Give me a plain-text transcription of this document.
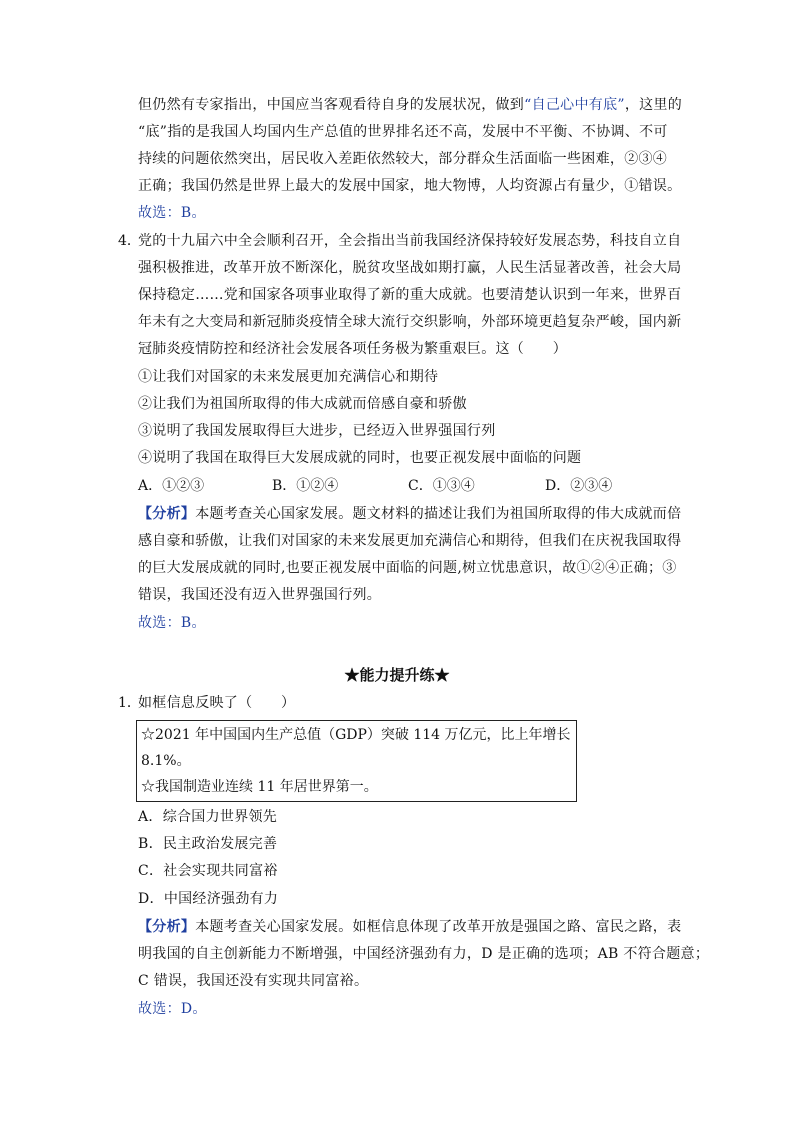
但仍然有专家指出，中国应当客观看待自身的发展状况，做到“自己心中有底”，这里的
“底”指的是我国人均国内生产总值的世界排名还不高，发展中不平衡、不协调、不可
持续的问题依然突出，居民收入差距依然较大，部分群众生活面临一些困难，②③④
正确；我国仍然是世界上最大的发展中国家，地大物博，人均资源占有量少，①错误。
故选：B。
4．
党的十九届六中全会顺利召开，全会指出当前我国经济保持较好发展态势，科技自立自
强积极推进，改革开放不断深化，脱贫攻坚战如期打赢，人民生活显著改善，社会大局
保持稳定……党和国家各项事业取得了新的重大成就。也要清楚认识到一年来，世界百
年未有之大变局和新冠肺炎疫情全球大流行交织影响，外部环境更趋复杂严峻，国内新
冠肺炎疫情防控和经济社会发展各项任务极为繁重艰巨。这（　　）
①让我们对国家的未来发展更加充满信心和期待
②让我们为祖国所取得的伟大成就而倍感自豪和骄傲
③说明了我国发展取得巨大进步，已经迈入世界强国行列
④说明了我国在取得巨大发展成就的同时，也要正视发展中面临的问题
A．①②③	B．①②④	C．①③④	D．②③④
【分析】本题考查关心国家发展。题文材料的描述让我们为祖国所取得的伟大成就而倍
感自豪和骄傲，让我们对国家的未来发展更加充满信心和期待，但我们在庆祝我国取得
的巨大发展成就的同时,也要正视发展中面临的问题,树立忧患意识，故①②④正确；③
错误，我国还没有迈入世界强国行列。
故选：B。
★能力提升练★
1．
如框信息反映了（　　）
☆2021 年中国国内生产总值（GDP）突破 114 万亿元，比上年增长
8.1%。
☆我国制造业连续 11 年居世界第一。
A．综合国力世界领先
B．民主政治发展完善
C．社会实现共同富裕
D．中国经济强劲有力
【分析】本题考查关心国家发展。如框信息体现了改革开放是强国之路、富民之路，表
明我国的自主创新能力不断增强，中国经济强劲有力，D 是正确的选项；AB 不符合题意；
C 错误，我国还没有实现共同富裕。
故选：D。
